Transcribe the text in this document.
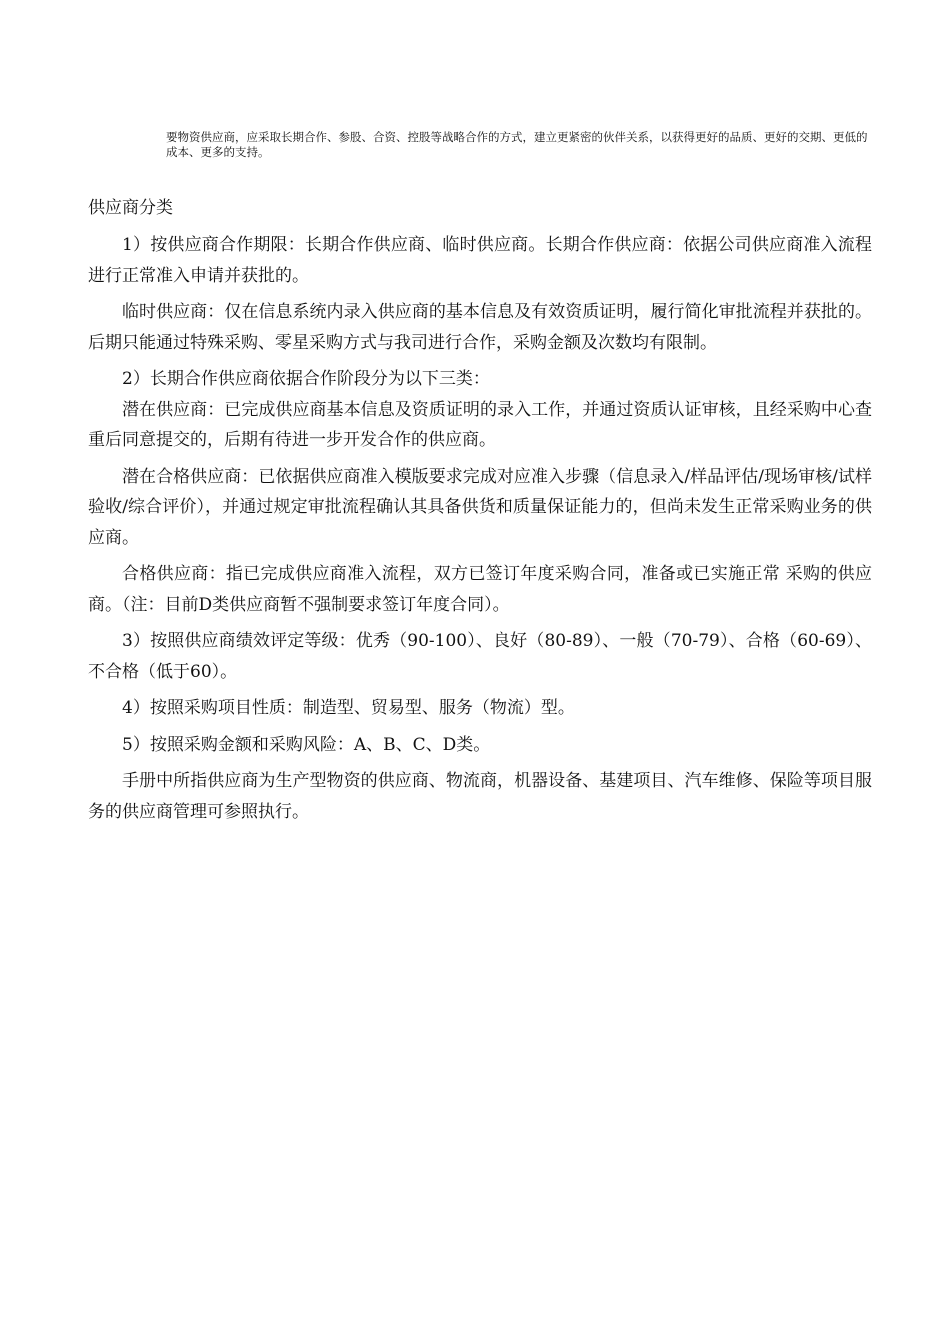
要物资供应商，应采取长期合作、参股、合资、控股等战略合作的方式，建立更紧密的伙伴关系，以获得更好的品质、更好的交期、更低的成本、更多的支持。

供应商分类

1）按供应商合作期限：长期合作供应商、临时供应商。长期合作供应商：依据公司供应商准入流程进行正常准入申请并获批的。

临时供应商：仅在信息系统内录入供应商的基本信息及有效资质证明，履行简化审批流程并获批的。后期只能通过特殊采购、零星采购方式与我司进行合作，采购金额及次数均有限制。

2）长期合作供应商依据合作阶段分为以下三类：

潜在供应商：已完成供应商基本信息及资质证明的录入工作，并通过资质认证审核，且经采购中心查重后同意提交的，后期有待进一步开发合作的供应商。

潜在合格供应商：已依据供应商准入模版要求完成对应准入步骤（信息录入/样品评估/现场审核/试样验收/综合评价），并通过规定审批流程确认其具备供货和质量保证能力的，但尚未发生正常采购业务的供应商。

合格供应商：指已完成供应商准入流程，双方已签订年度采购合同，准备或已实施正常 采购的供应商。（注：目前D类供应商暂不强制要求签订年度合同）。

3）按照供应商绩效评定等级：优秀（90-100）、良好（80-89）、一般（70-79）、合格（60-69）、不合格（低于60）。

4）按照采购项目性质：制造型、贸易型、服务（物流）型。

5）按照采购金额和采购风险：A、B、C、D类。

手册中所指供应商为生产型物资的供应商、物流商，机器设备、基建项目、汽车维修、保险等项目服务的供应商管理可参照执行。
